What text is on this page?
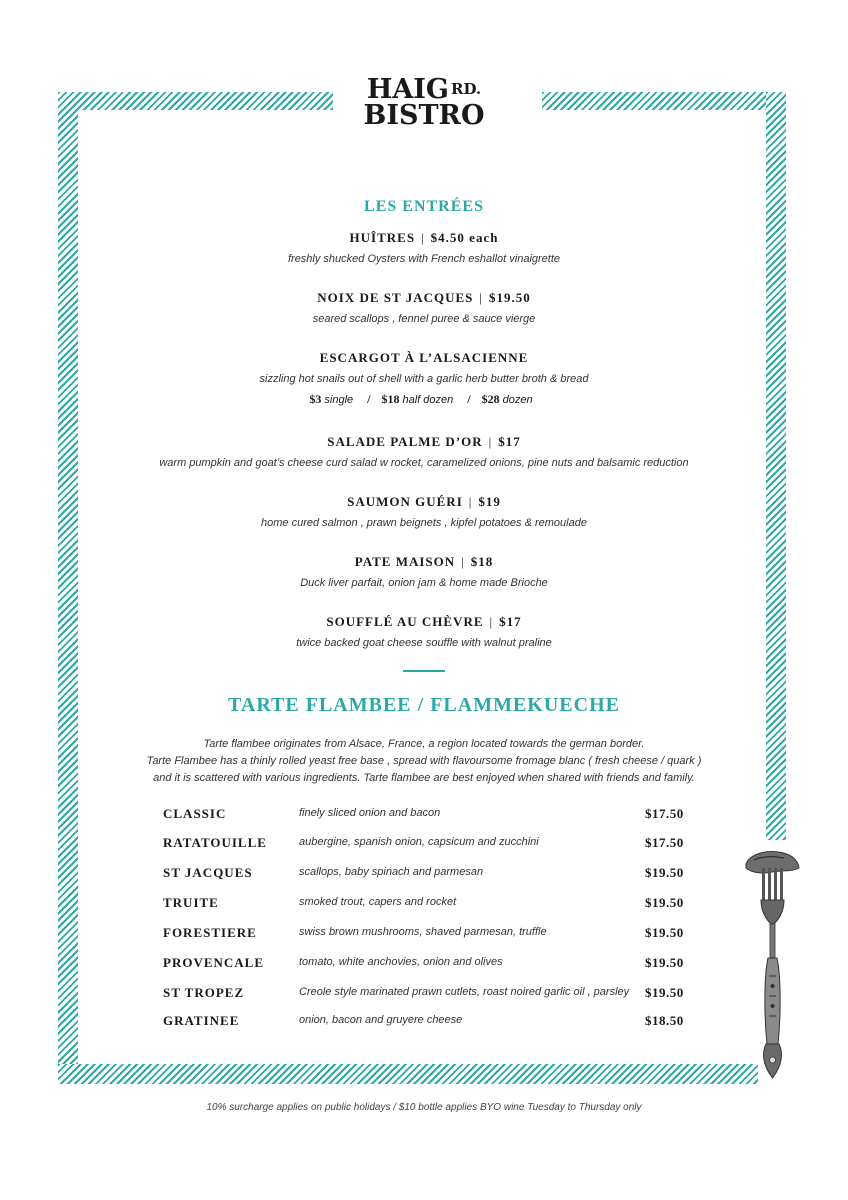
HAIG RD.
BISTRO
LES ENTRÉES
HUÎTRES | $4.50 each
freshly shucked Oysters with French eshallot vinaigrette
NOIX DE ST JACQUES | $19.50
seared scallops , fennel puree & sauce vierge
ESCARGOT À L’ALSACIENNE
sizzling hot snails out of shell with a garlic herb butter broth & bread
$3 single / $18 half dozen / $28 dozen
SALADE PALME D’OR | $17
warm pumpkin and goat’s cheese curd salad w rocket, caramelized onions, pine nuts and balsamic reduction
SAUMON GUÉRI | $19
home cured salmon , prawn beignets , kipfel potatoes & remoulade
PATE MAISON | $18
Duck liver parfait, onion jam & home made Brioche
SOUFFLÉ AU CHÈVRE | $17
twice backed goat cheese souffle with walnut praline
TARTE FLAMBEE / FLAMMEKUECHE
Tarte flambee originates from Alsace, France, a region located towards the german border.
Tarte Flambee has a thinly rolled yeast free base , spread with flavoursome fromage blanc ( fresh cheese / quark )
and it is scattered with various ingredients. Tarte flambee are best enjoyed when shared with friends and family.
CLASSIC	finely sliced onion and bacon	$17.50
RATATOUILLE	aubergine, spanish onion, capsicum and zucchini	$17.50
ST JACQUES	scallops, baby spinach and parmesan	$19.50
TRUITE	smoked trout, capers and rocket	$19.50
FORESTIERE	swiss brown mushrooms, shaved parmesan, truffle	$19.50
PROVENCALE	tomato, white anchovies, onion and olives	$19.50
ST TROPEZ	Creole style marinated prawn cutlets, roast noired garlic oil , parsley $19.50
GRATINEE	onion, bacon and gruyere cheese	$18.50
10% surcharge applies on public holidays / $10 bottle applies BYO wine Tuesday to Thursday only
